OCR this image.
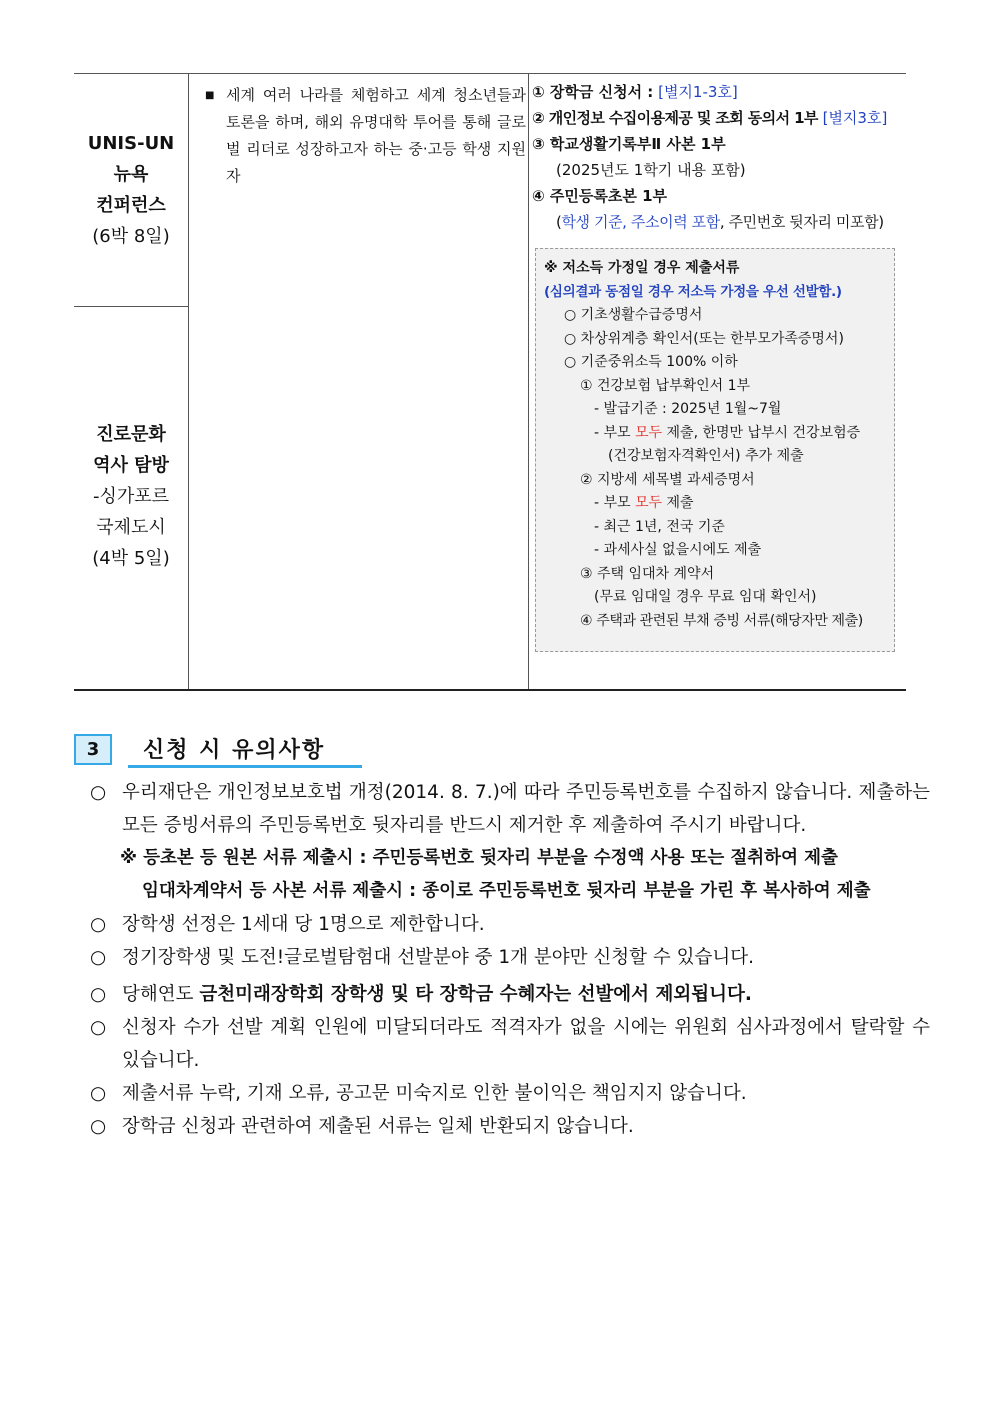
UNIS-UN
뉴욕
컨퍼런스
(6박 8일)
진로문화
역사 탐방
-싱가포르
국제도시
(4박 5일)
■ 세계 여러 나라를 체험하고 세계 청소년들과 토론을 하며, 해외 유명대학 투어를 통해 글로벌 리더로 성장하고자 하는 중·고등 학생 지원자
① 장학금 신청서 : [별지1-3호]
② 개인정보 수집이용제공 및 조회 동의서 1부 [별지3호]
③ 학교생활기록부Ⅱ 사본 1부
(2025년도 1학기 내용 포함)
④ 주민등록초본 1부
(학생 기준, 주소이력 포함, 주민번호 뒷자리 미포함)
※ 저소득 가정일 경우 제출서류
(심의결과 동점일 경우 저소득 가정을 우선 선발함.)
○ 기초생활수급증명서
○ 차상위계층 확인서(또는 한부모가족증명서)
○ 기준중위소득 100% 이하
① 건강보험 납부확인서 1부
- 발급기준 : 2025년 1월~7월
- 부모 모두 제출, 한명만 납부시 건강보험증
(건강보험자격확인서) 추가 제출
② 지방세 세목별 과세증명서
- 부모 모두 제출
- 최근 1년, 전국 기준
- 과세사실 없을시에도 제출
③ 주택 임대차 계약서
(무료 임대일 경우 무료 임대 확인서)
④ 주택과 관련된 부채 증빙 서류(해당자만 제출)
3	신청 시 유의사항
○ 우리재단은 개인정보보호법 개정(2014. 8. 7.)에 따라 주민등록번호를 수집하지 않습니다. 제출하는 모든 증빙서류의 주민등록번호 뒷자리를 반드시 제거한 후 제출하여 주시기 바랍니다.
※ 등초본 등 원본 서류 제출시 : 주민등록번호 뒷자리 부분을 수정액 사용 또는 절취하여 제출
임대차계약서 등 사본 서류 제출시 : 종이로 주민등록번호 뒷자리 부분을 가린 후 복사하여 제출
○ 장학생 선정은 1세대 당 1명으로 제한합니다.
○ 정기장학생 및 도전!글로벌탐험대 선발분야 중 1개 분야만 신청할 수 있습니다.
○ 당해연도 금천미래장학회 장학생 및 타 장학금 수혜자는 선발에서 제외됩니다.
○ 신청자 수가 선발 계획 인원에 미달되더라도 적격자가 없을 시에는 위원회 심사과정에서 탈락할 수 있습니다.
○ 제출서류 누락, 기재 오류, 공고문 미숙지로 인한 불이익은 책임지지 않습니다.
○ 장학금 신청과 관련하여 제출된 서류는 일체 반환되지 않습니다.
